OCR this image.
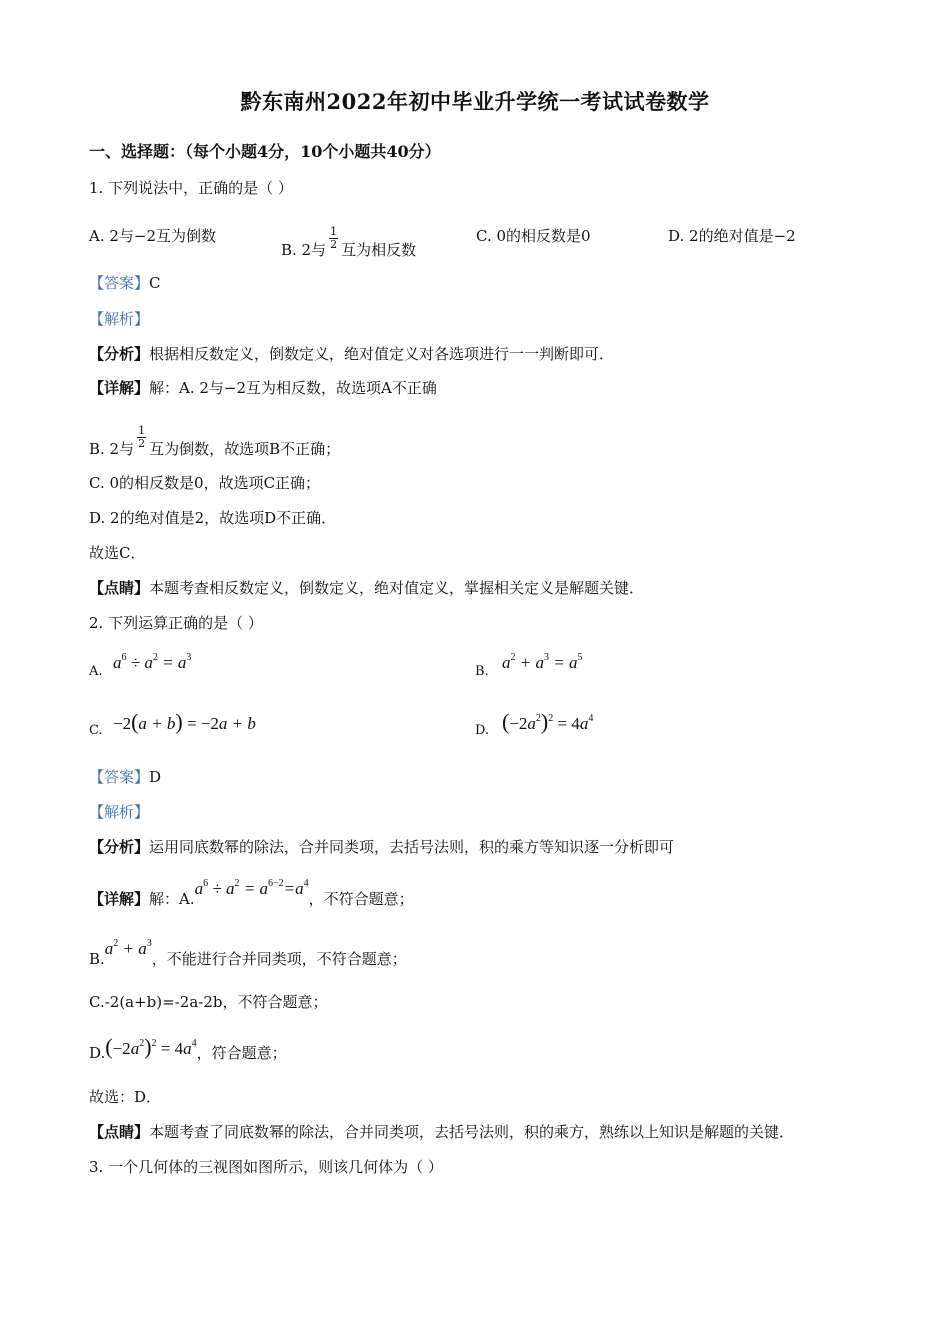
黔东南州2022年初中毕业升学统一考试试卷数学
一、选择题：（每个小题4分，10个小题共40分）
1. 下列说法中，正确的是（ ）
A. 2与−2互为倒数
B. 2与 $\frac{1}{2}$ 互为相反数
C. 0的相反数是0	D. 2的绝对值是−2
【答案】C
【解析】
【分析】根据相反数定义，倒数定义，绝对值定义对各选项进行一一判断即可．
【详解】解：A. 2与−2互为相反数，故选项A不正确
B. 2与 $\frac{1}{2}$ 互为倒数，故选项B不正确；
C. 0的相反数是0，故选项C正确；
D. 2的绝对值是2，故选项D不正确．
故选C．
【点睛】本题考查相反数定义，倒数定义，绝对值定义，掌握相关定义是解题关键．
2. 下列运算正确的是（ ）
A. $a^6 \div a^2 = a^3$
B. $a^2 + a^3 = a^5$
C. −2(a + b) = −2a + b	D. $(-2a^2)^2 = 4a^4$
【答案】D
【解析】
【分析】运用同底数幂的除法，合并同类项，去括号法则，积的乘方等知识逐一分析即可
【详解】解：$A.a^6 \div a^2 = a^{6-2}=a^4$，不符合题意；
$B.a^2 + a^3$，不能进行合并同类项，不符合题意；
C.-2(a+b)=-2a-2b，不符合题意；
$D.(-2a^2)^2 = 4a^4$，符合题意；
故选：D．
【点睛】本题考查了同底数幂的除法，合并同类项，去括号法则，积的乘方，熟练以上知识是解题的关键．
3. 一个几何体的三视图如图所示，则该几何体为（ ）
